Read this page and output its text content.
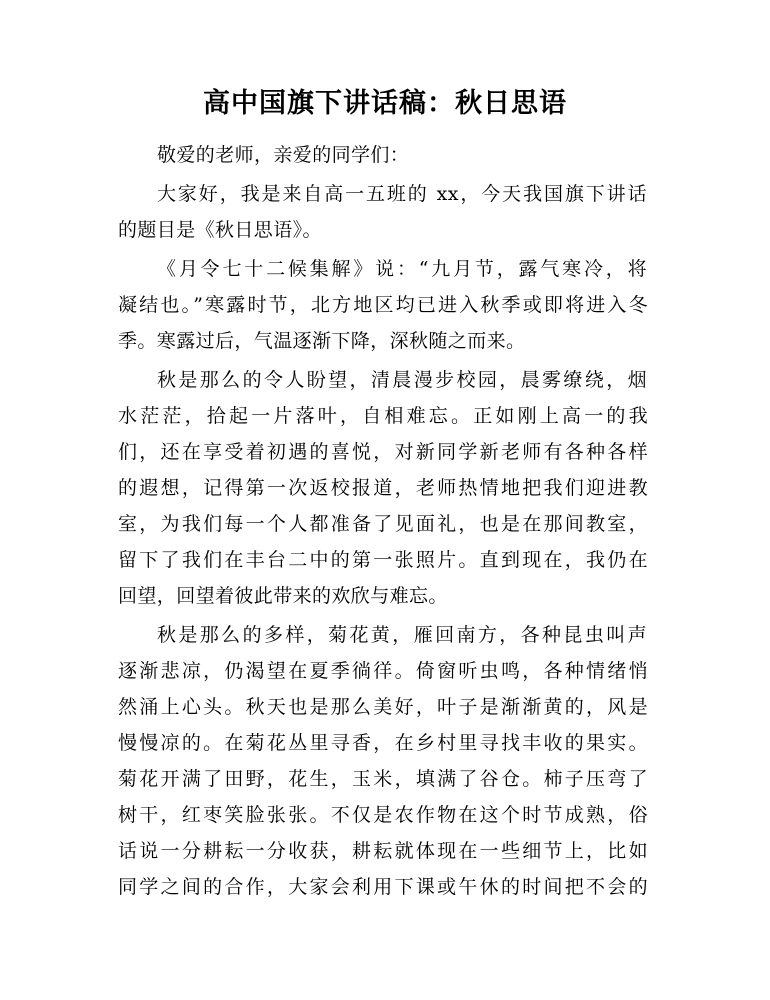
高中国旗下讲话稿：秋日思语

敬爱的老师，亲爱的同学们：

大家好，我是来自高一五班的 xx，今天我国旗下讲话

的题目是《秋日思语》。

《月令七十二候集解》说：“九月节，露气寒冷，将

凝结也。”寒露时节，北方地区均已进入秋季或即将进入冬

季。寒露过后，气温逐渐下降，深秋随之而来。

秋是那么的令人盼望，清晨漫步校园，晨雾缭绕，烟

水茫茫，拾起一片落叶，自相难忘。正如刚上高一的我

们，还在享受着初遇的喜悦，对新同学新老师有各种各样

的遐想，记得第一次返校报道，老师热情地把我们迎进教

室，为我们每一个人都准备了见面礼，也是在那间教室，

留下了我们在丰台二中的第一张照片。直到现在，我仍在

回望，回望着彼此带来的欢欣与难忘。

秋是那么的多样，菊花黄，雁回南方，各种昆虫叫声

逐渐悲凉，仍渴望在夏季徜徉。倚窗听虫鸣，各种情绪悄

然涌上心头。秋天也是那么美好，叶子是渐渐黄的，风是

慢慢凉的。在菊花丛里寻香，在乡村里寻找丰收的果实。

菊花开满了田野，花生，玉米，填满了谷仓。柿子压弯了

树干，红枣笑脸张张。不仅是农作物在这个时节成熟，俗

话说一分耕耘一分收获，耕耘就体现在一些细节上，比如

同学之间的合作，大家会利用下课或午休的时间把不会的
